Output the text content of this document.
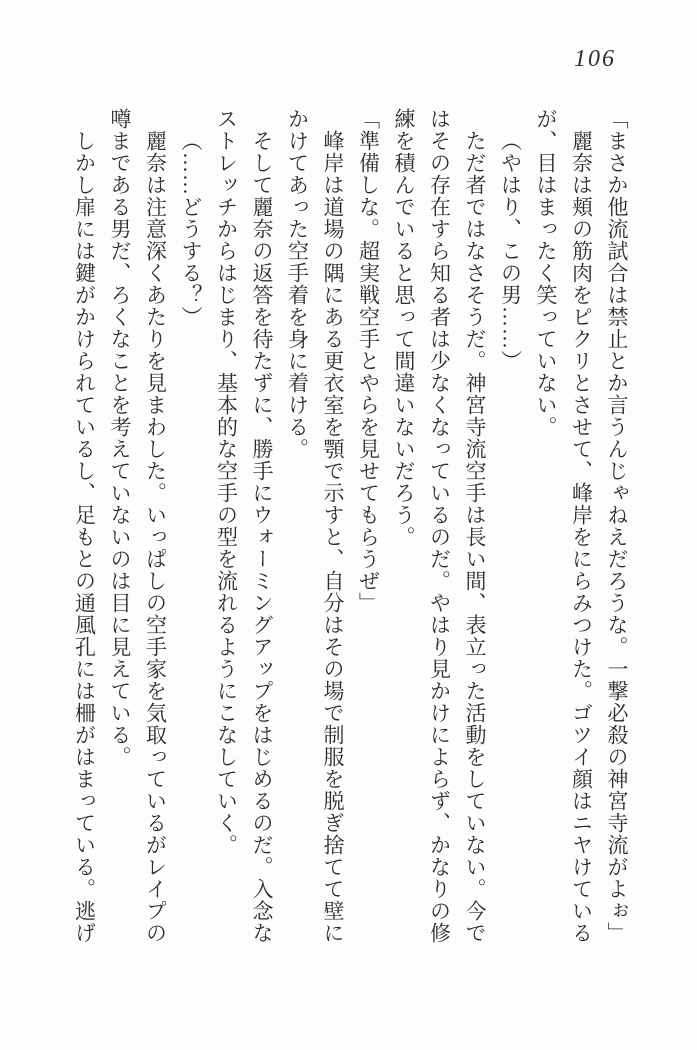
106

「まさか他流試合は禁止とか言うんじゃねえだろうな。一撃必殺の神宮寺流がよぉ」

麗奈は頬の筋肉をピクリとさせて、峰岸をにらみつけた。ゴツイ顔はニヤけているが、目はまったく笑っていない。

（やはり、この男……）

ただ者ではなさそうだ。神宮寺流空手は長い間、表立った活動をしていない。今ではその存在すら知る者は少なくなっているのだ。やはり見かけによらず、かなりの修練を積んでいると思って間違いないだろう。

「準備しな。超実戦空手とやらを見せてもらうぜ」

峰岸は道場の隅にある更衣室を顎で示すと、自分はその場で制服を脱ぎ捨てて壁にかけてあった空手着を身に着ける。

そして麗奈の返答を待たずに、勝手にウォーミングアップをはじめるのだ。入念なストレッチからはじまり、基本的な空手の型を流れるようにこなしていく。

（……どうする？）

麗奈は注意深くあたりを見まわした。いっぱしの空手家を気取っているがレイプの噂まである男だ、ろくなことを考えていないのは目に見えている。

しかし扉には鍵がかけられているし、足もとの通風孔には柵がはまっている。逃げ
